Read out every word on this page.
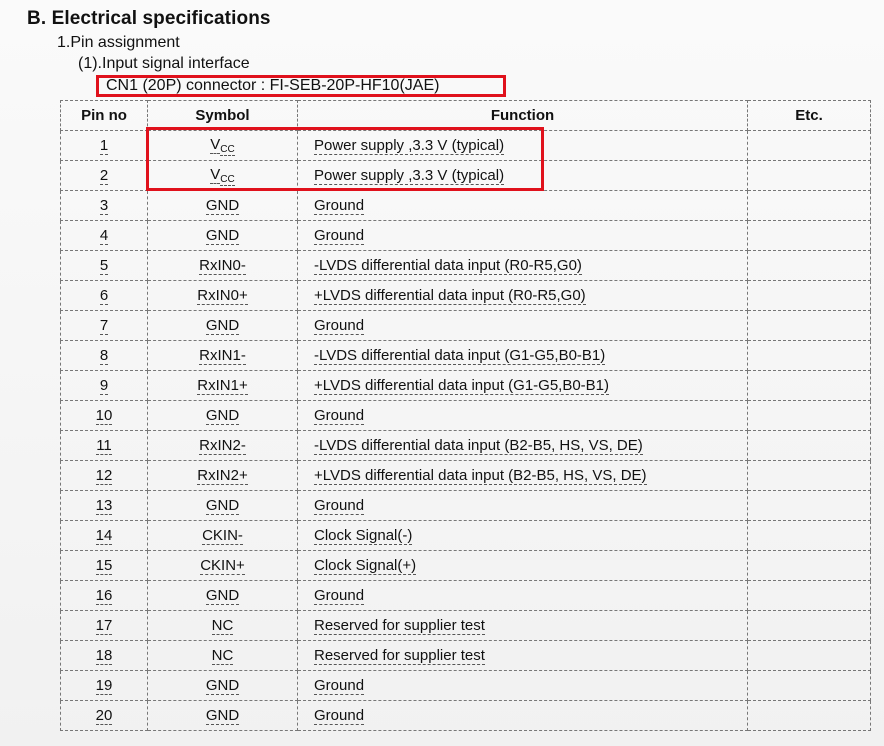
B. Electrical specifications
1.Pin assignment
(1).Input signal interface
CN1 (20P) connector : FI-SEB-20P-HF10(JAE)
Pin no	Symbol	Function	Etc.
1	$V_{CC}$	Power supply ,3.3 V (typical)	
2	$V_{CC}$	Power supply ,3.3 V (typical)	
3	GND	Ground	
4	GND	Ground	
5	RxIN0-	-LVDS differential data input (R0-R5,G0)	
6	RxIN0+	+LVDS differential data input (R0-R5,G0)	
7	GND	Ground	
8	RxIN1-	-LVDS differential data input (G1-G5,B0-B1)	
9	RxIN1+	+LVDS differential data input (G1-G5,B0-B1)	
10	GND	Ground	
11	RxIN2-	-LVDS differential data input (B2-B5, HS, VS, DE)	
12	RxIN2+	+LVDS differential data input (B2-B5, HS, VS, DE)	
13	GND	Ground	
14	CKIN-	Clock Signal(-)	
15	CKIN+	Clock Signal(+)	
16	GND	Ground	
17	NC	Reserved for supplier test	
18	NC	Reserved for supplier test	
19	GND	Ground	
20	GND	Ground	
